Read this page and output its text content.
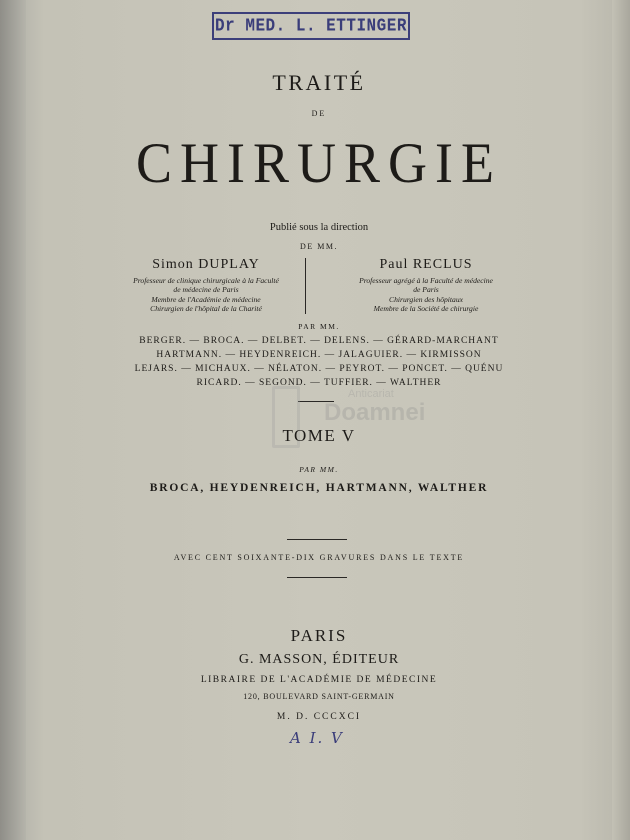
Dr MED. L. ETTINGER
TRAITÉ
DE
CHIRURGIE
Publié sous la direction
DE MM.
Simon DUPLAY
Professeur de clinique chirurgicale à la Faculté
de médecine de Paris
Membre de l'Académie de médecine
Chirurgien de l'hôpital de la Charité
Paul RECLUS
Professeur agrégé à la Faculté de médecine
de Paris
Chirurgien des hôpitaux
Membre de la Société de chirurgie
PAR MM.
BERGER. — BROCA. — DELBET. — DELENS. — GÉRARD-MARCHANT
HARTMANN. — HEYDENREICH. — JALAGUIER. — KIRMISSON
LEJARS. — MICHAUX. — NÉLATON. — PEYROT. — PONCET. — QUÉNU
RICARD. — SEGOND. — TUFFIER. — WALTHER
Anticariat
Doamnei
TOME V
PAR MM.
BROCA, HEYDENREICH, HARTMANN, WALTHER
AVEC CENT SOIXANTE-DIX GRAVURES DANS LE TEXTE
PARIS
G. MASSON, ÉDITEUR
LIBRAIRE DE L'ACADÉMIE DE MÉDECINE
120, BOULEVARD SAINT-GERMAIN
M. D. CCCXCI
A I. V
